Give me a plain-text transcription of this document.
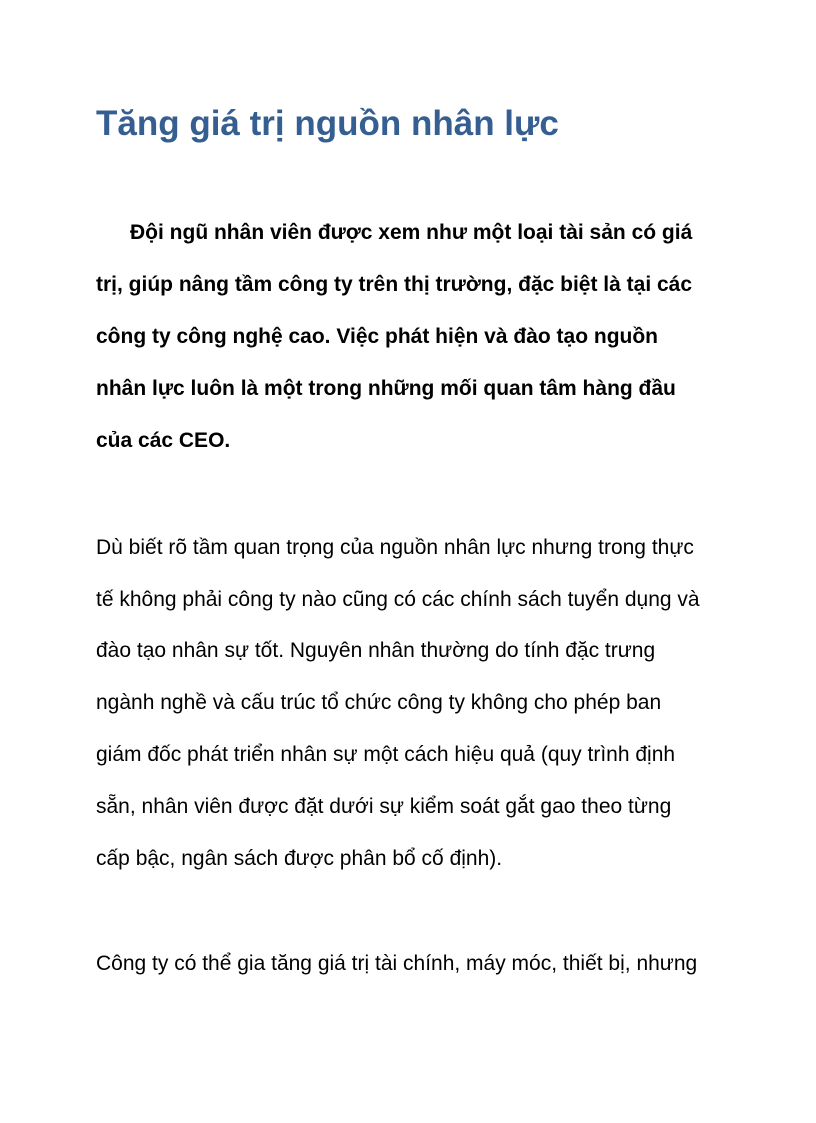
Tăng giá trị nguồn nhân lực

Đội ngũ nhân viên được xem như một loại tài sản có giá

trị, giúp nâng tầm công ty trên thị trường, đặc biệt là tại các

công ty công nghệ cao. Việc phát hiện và đào tạo nguồn

nhân lực luôn là một trong những mối quan tâm hàng đầu

của các CEO.

Dù biết rõ tầm quan trọng của nguồn nhân lực nhưng trong thực

tế không phải công ty nào cũng có các chính sách tuyển dụng và

đào tạo nhân sự tốt. Nguyên nhân thường do tính đặc trưng

ngành nghề và cấu trúc tổ chức công ty không cho phép ban

giám đốc phát triển nhân sự một cách hiệu quả (quy trình định

sẵn, nhân viên được đặt dưới sự kiểm soát gắt gao theo từng

cấp bậc, ngân sách được phân bổ cố định).

Công ty có thể gia tăng giá trị tài chính, máy móc, thiết bị, nhưng
